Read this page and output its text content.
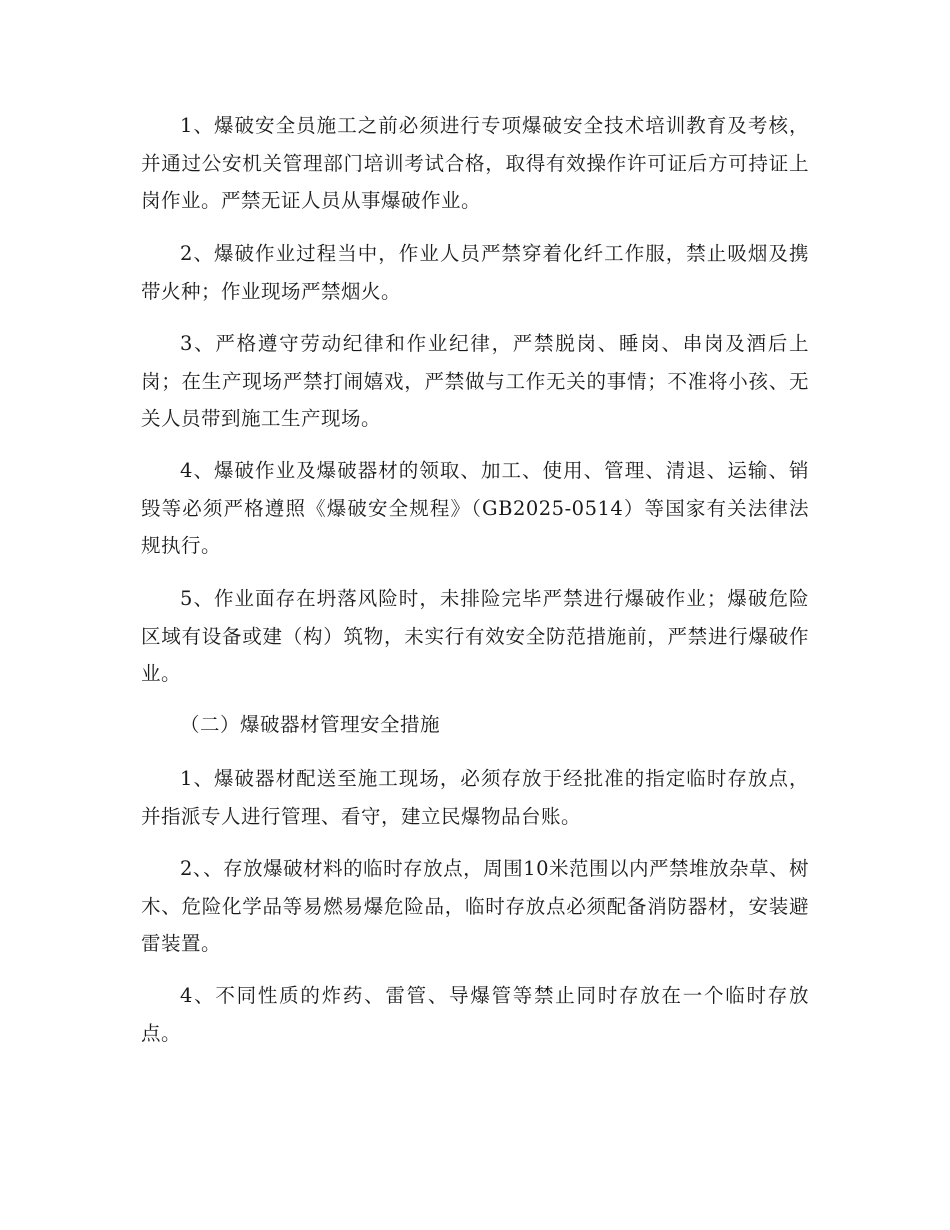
1、爆破安全员施工之前必须进行专项爆破安全技术培训教育及考核，并通过公安机关管理部门培训考试合格，取得有效操作许可证后方可持证上岗作业。严禁无证人员从事爆破作业。

2、爆破作业过程当中，作业人员严禁穿着化纤工作服，禁止吸烟及携带火种；作业现场严禁烟火。

3、严格遵守劳动纪律和作业纪律，严禁脱岗、睡岗、串岗及酒后上岗；在生产现场严禁打闹嬉戏，严禁做与工作无关的事情；不准将小孩、无关人员带到施工生产现场。

4、爆破作业及爆破器材的领取、加工、使用、管理、清退、运输、销毁等必须严格遵照《爆破安全规程》（GB2025-0514）等国家有关法律法规执行。

5、作业面存在坍落风险时，未排险完毕严禁进行爆破作业；爆破危险区域有设备或建（构）筑物，未实行有效安全防范措施前，严禁进行爆破作业。

（二）爆破器材管理安全措施

1、爆破器材配送至施工现场，必须存放于经批准的指定临时存放点，并指派专人进行管理、看守，建立民爆物品台账。

2、、存放爆破材料的临时存放点，周围10米范围以内严禁堆放杂草、树木、危险化学品等易燃易爆危险品，临时存放点必须配备消防器材，安装避雷装置。

4、不同性质的炸药、雷管、导爆管等禁止同时存放在一个临时存放点。
